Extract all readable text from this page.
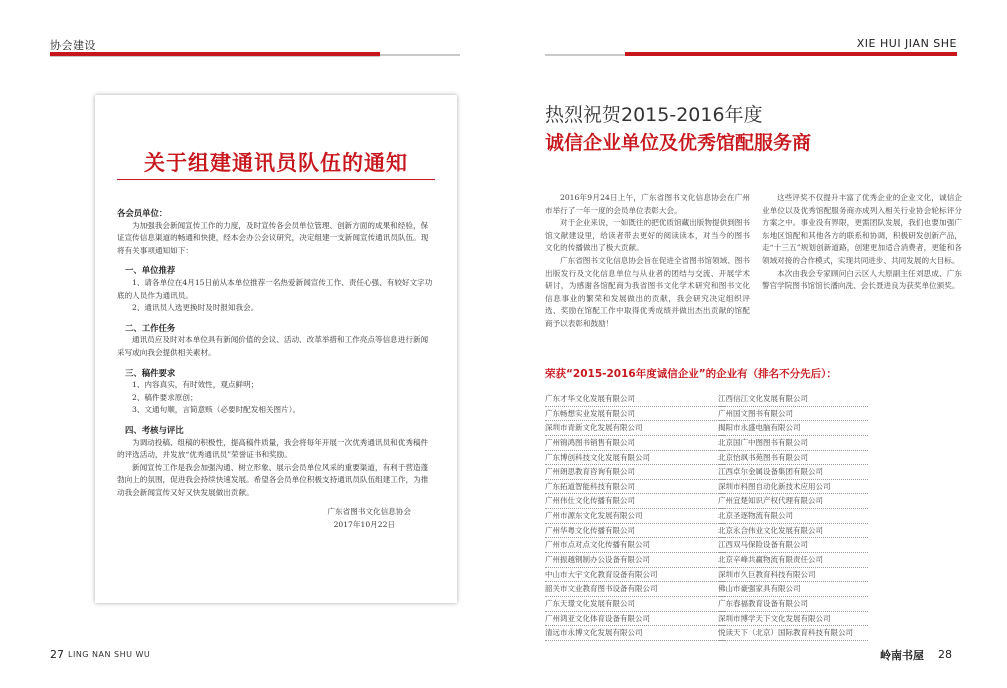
协会建设	XIE HUI JIAN SHE
关于组建通讯员队伍的通知

各会员单位：

为加强我会新闻宣传工作的力度，及时宣传各会员单位管理、创新方面的成果和经验，保证宣传信息渠道的畅通和快捷，经本会办公会议研究，决定组建一支新闻宣传通讯员队伍。现将有关事项通知如下：

一、单位推荐

1、请各单位在4月15日前从本单位推荐一名热爱新闻宣传工作、责任心强、有较好文字功底的人员作为通讯员。

2、通讯员人选更换时及时报知我会。

二、工作任务

通讯员应及时对本单位具有新闻价值的会议、活动、改革举措和工作亮点等信息进行新闻采写或向我会提供相关素材。

三、稿件要求

1、内容真实，有时效性，观点鲜明；

2、稿件要求原创；

3、文通句顺，言简意赅（必要时配发相关图片）。

四、考核与评比

为调动投稿、组稿的积极性，提高稿件质量，我会将每年开展一次优秀通讯员和优秀稿件的评选活动，并发放“优秀通讯员”荣誉证书和奖励。

新闻宣传工作是我会加强沟通、树立形象、展示会员单位风采的重要渠道，有利于营造蓬勃向上的氛围，促进我会持续快速发展。希望各会员单位积极支持通讯员队伍组建工作，为推动我会新闻宣传又好又快发展做出贡献。

广东省图书文化信息协会

2017年10月22日

热烈祝贺2015-2016年度
诚信企业单位及优秀馆配服务商

2016年9月24日上午，广东省图书文化信息协会在广州市举行了一年一度的会员单位表彰大会。

对于企业来说，一如既往的把优质馆藏出版物提供到图书馆文献建设里，给读者带去更好的阅读读本，对当今的图书文化的传播做出了极大贡献。

广东省图书文化信息协会旨在促进全省图书馆领域、图书出版发行及文化信息单位与从业者的团结与交流、开展学术研讨，为感谢各馆配商为我省图书文化学术研究和图书文化信息事业的繁荣和发展做出的贡献，我会研究决定组织评选、奖励在馆配工作中取得优秀成绩并做出杰出贡献的馆配商予以表彰和鼓励！

这些评奖不仅提升丰富了优秀企业的企业文化，诚信企业单位以及优秀馆配服务商亦成列入相关行业协会轮标评分方案之中。事业没有界限，更需团队发展，我们也要加强广东地区馆配和其他各方的联系和协调，积极研发创新产品，走“十三五”规划创新道路，创建更加适合消费者，更能和各领域对接的合作模式，实现共同进步、共同发展的大目标。

本次由我会专家顾问白云区人大原副主任刘思成、广东警官学院图书馆馆长潘向洗、会长聂进良为获奖单位颁奖。

荣获“2015-2016年度诚信企业”的企业有（排名不分先后）：
广东才华文化发展有限公司
广东畅想实业发展有限公司
深圳市青新文化发展有限公司
广州锦鸿图书销售有限公司
广东博创科技文化发展有限公司
广州朗思教育咨询有限公司
广东拓道智能科技有限公司
广州伟仕文化传播有限公司
广州市源东文化发展有限公司
广州华粤文化传播有限公司
广州市点对点文化传播有限公司
广州振越钢制办公设备有限公司
中山市大宇文化教育设备有限公司
韶关市文业教育图书设备有限公司
广东天璟文化发展有限公司
广州鸿亚文化体育设备有限公司
清远市永博文化发展有限公司
江西信江文化发展有限公司
广州国文图书有限公司
揭阳市永盛电脑有限公司
北京国广中图图书有限公司
北京怡飒书苑图书有限公司
江西卓尔金属设备集团有限公司
深圳市科图自动化新技术应用公司
广州宜楚知识产权代理有限公司
北京圣逐物流有限公司
北京永合伟业文化发展有限公司
江西双马保险设备有限公司
北京辛峰共赢物流有限责任公司
深圳市久巨教育科技有限公司
佛山市豪强家具有限公司
广东春福教育设备有限公司
深圳市博学天下文化发展有限公司
悦读天下（北京）国际教育科技有限公司
27 LING NAN SHU WU	岭南书屋 28
